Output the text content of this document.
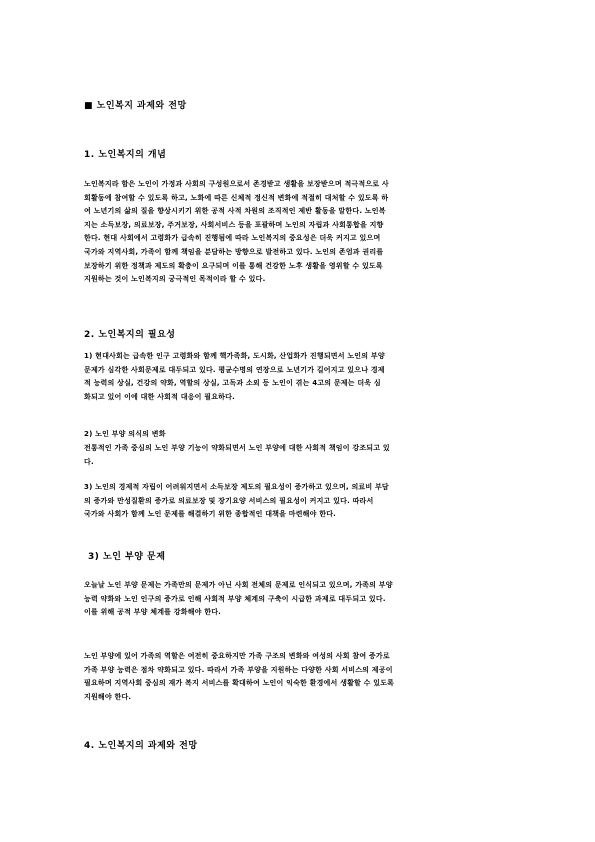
■ 노인복지 과제와 전망
1. 노인복지의 개념
노인복지라 함은 노인이 가정과 사회의 구성원으로서 존경받고 생활을 보장받으며 적극적으로 사
회활동에 참여할 수 있도록 하고, 노화에 따른 신체적 정신적 변화에 적절히 대처할 수 있도록 하
여 노년기의 삶의 질을 향상시키기 위한 공적 사적 차원의 조직적인 제반 활동을 말한다. 노인복
지는 소득보장, 의료보장, 주거보장, 사회서비스 등을 포괄하며 노인의 자립과 사회통합을 지향
한다. 현대 사회에서 고령화가 급속히 진행됨에 따라 노인복지의 중요성은 더욱 커지고 있으며
국가와 지역사회, 가족이 함께 책임을 분담하는 방향으로 발전하고 있다. 노인의 존엄과 권리를
보장하기 위한 정책과 제도의 확충이 요구되며 이를 통해 건강한 노후 생활을 영위할 수 있도록
지원하는 것이 노인복지의 궁극적인 목적이라 할 수 있다.
2. 노인복지의 필요성
1) 현대사회는 급속한 인구 고령화와 함께 핵가족화, 도시화, 산업화가 진행되면서 노인의 부양
문제가 심각한 사회문제로 대두되고 있다. 평균수명의 연장으로 노년기가 길어지고 있으나 경제
적 능력의 상실, 건강의 약화, 역할의 상실, 고독과 소외 등 노인이 겪는 4고의 문제는 더욱 심
화되고 있어 이에 대한 사회적 대응이 필요하다.
2) 노인 부양 의식의 변화
전통적인 가족 중심의 노인 부양 기능이 약화되면서 노인 부양에 대한 사회적 책임이 강조되고 있
다.
3) 노인의 경제적 자립이 어려워지면서 소득보장 제도의 필요성이 증가하고 있으며, 의료비 부담
의 증가와 만성질환의 증가로 의료보장 및 장기요양 서비스의 필요성이 커지고 있다. 따라서
국가와 사회가 함께 노인 문제를 해결하기 위한 종합적인 대책을 마련해야 한다.
3) 노인 부양 문제
오늘날 노인 부양 문제는 가족만의 문제가 아닌 사회 전체의 문제로 인식되고 있으며, 가족의 부양
능력 약화와 노인 인구의 증가로 인해 사회적 부양 체계의 구축이 시급한 과제로 대두되고 있다.
이를 위해 공적 부양 체계를 강화해야 한다.
노인 부양에 있어 가족의 역할은 여전히 중요하지만 가족 구조의 변화와 여성의 사회 참여 증가로
가족 부양 능력은 점차 약화되고 있다. 따라서 가족 부양을 지원하는 다양한 사회 서비스의 제공이
필요하며 지역사회 중심의 재가 복지 서비스를 확대하여 노인이 익숙한 환경에서 생활할 수 있도록
지원해야 한다.
4. 노인복지의 과제와 전망
